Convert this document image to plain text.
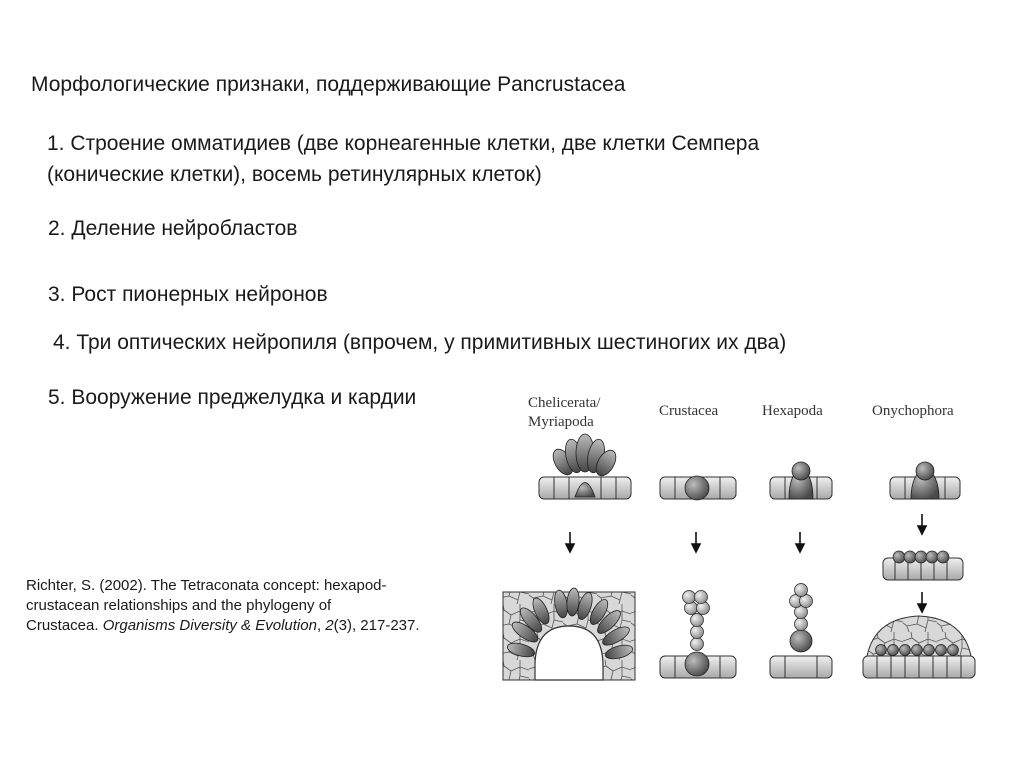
Морфологические признаки, поддерживающие Pancrustacea
1. Строение омматидиев (две корнеагенные клетки, две клетки Семпера
(конические клетки), восемь ретинулярных клеток)
2. Деление нейробластов
3. Рост пионерных нейронов
4. Три оптических нейропиля (впрочем, у примитивных шестиногих их два)
5. Вооружение преджелудка и кардии
Richter, S. (2002). The Tetraconata concept: hexapod-
crustacean relationships and the phylogeny of
Crustacea. Organisms Diversity & Evolution, 2(3), 217-237.
Chelicerata/
Myriapoda
Crustacea	Hexapoda	Onychophora
